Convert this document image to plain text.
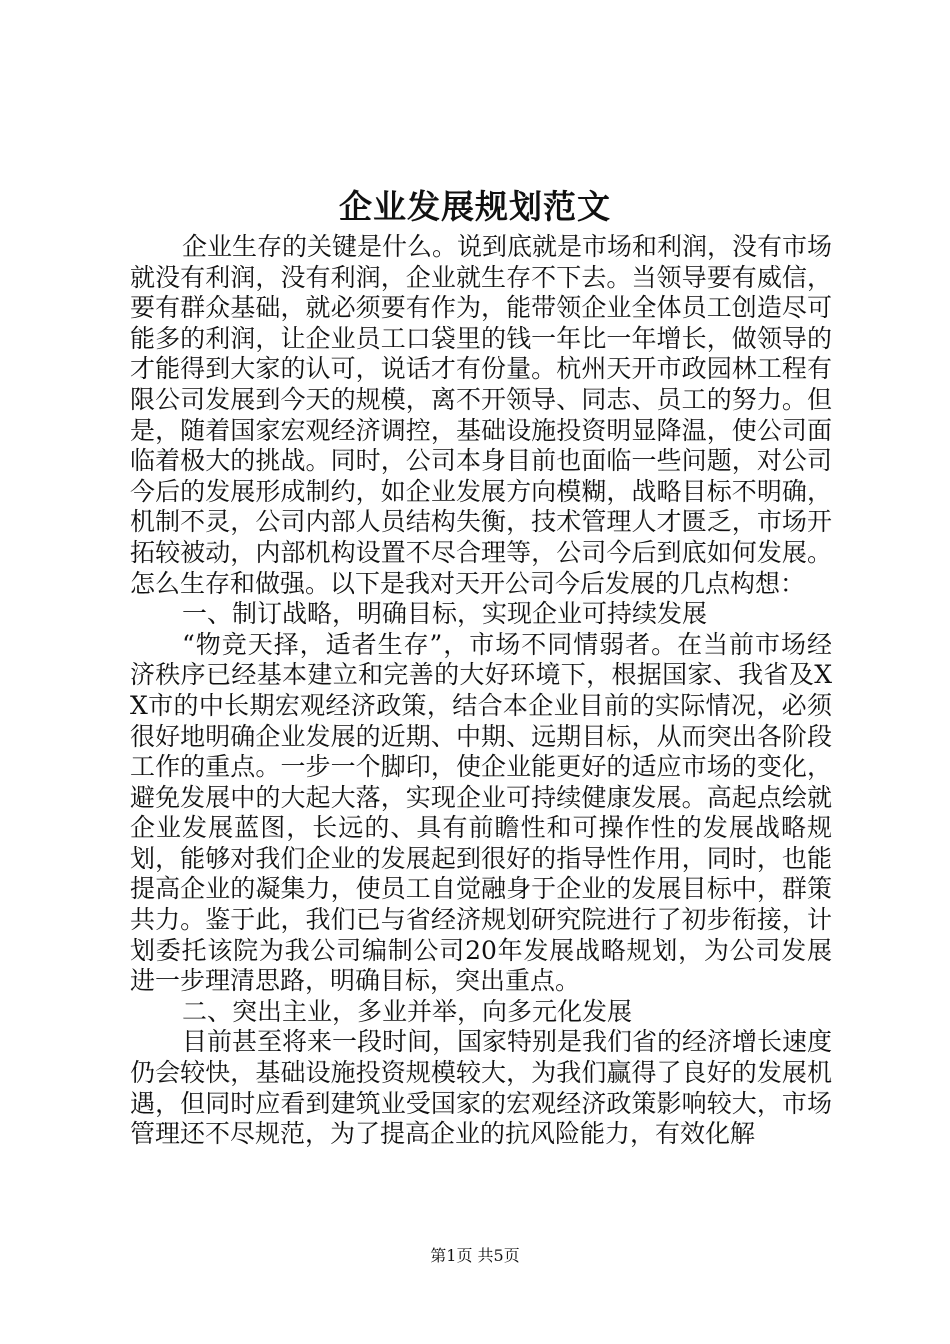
企业发展规划范文

企业生存的关键是什么。说到底就是市场和利润，没有市场就没有利润，没有利润，企业就生存不下去。当领导要有威信，要有群众基础，就必须要有作为，能带领企业全体员工创造尽可能多的利润，让企业员工口袋里的钱一年比一年增长，做领导的才能得到大家的认可，说话才有份量。杭州天开市政园林工程有限公司发展到今天的规模，离不开领导、同志、员工的努力。但是，随着国家宏观经济调控，基础设施投资明显降温，使公司面临着极大的挑战。同时，公司本身目前也面临一些问题，对公司今后的发展形成制约，如企业发展方向模糊，战略目标不明确，机制不灵，公司内部人员结构失衡，技术管理人才匮乏，市场开拓较被动，内部机构设置不尽合理等，公司今后到底如何发展。怎么生存和做强。以下是我对天开公司今后发展的几点构想：

一、制订战略，明确目标，实现企业可持续发展

“物竞天择，适者生存”，市场不同情弱者。在当前市场经济秩序已经基本建立和完善的大好环境下，根据国家、我省及XX市的中长期宏观经济政策，结合本企业目前的实际情况，必须很好地明确企业发展的近期、中期、远期目标，从而突出各阶段工作的重点。一步一个脚印，使企业能更好的适应市场的变化，避免发展中的大起大落，实现企业可持续健康发展。高起点绘就企业发展蓝图，长远的、具有前瞻性和可操作性的发展战略规划，能够对我们企业的发展起到很好的指导性作用，同时，也能提高企业的凝集力，使员工自觉融身于企业的发展目标中，群策共力。鉴于此，我们已与省经济规划研究院进行了初步衔接，计划委托该院为我公司编制公司20年发展战略规划，为公司发展进一步理清思路，明确目标，突出重点。

二、突出主业，多业并举，向多元化发展

目前甚至将来一段时间，国家特别是我们省的经济增长速度仍会较快，基础设施投资规模较大，为我们赢得了良好的发展机遇，但同时应看到建筑业受国家的宏观经济政策影响较大，市场管理还不尽规范，为了提高企业的抗风险能力，有效化解

第1页 共5页
